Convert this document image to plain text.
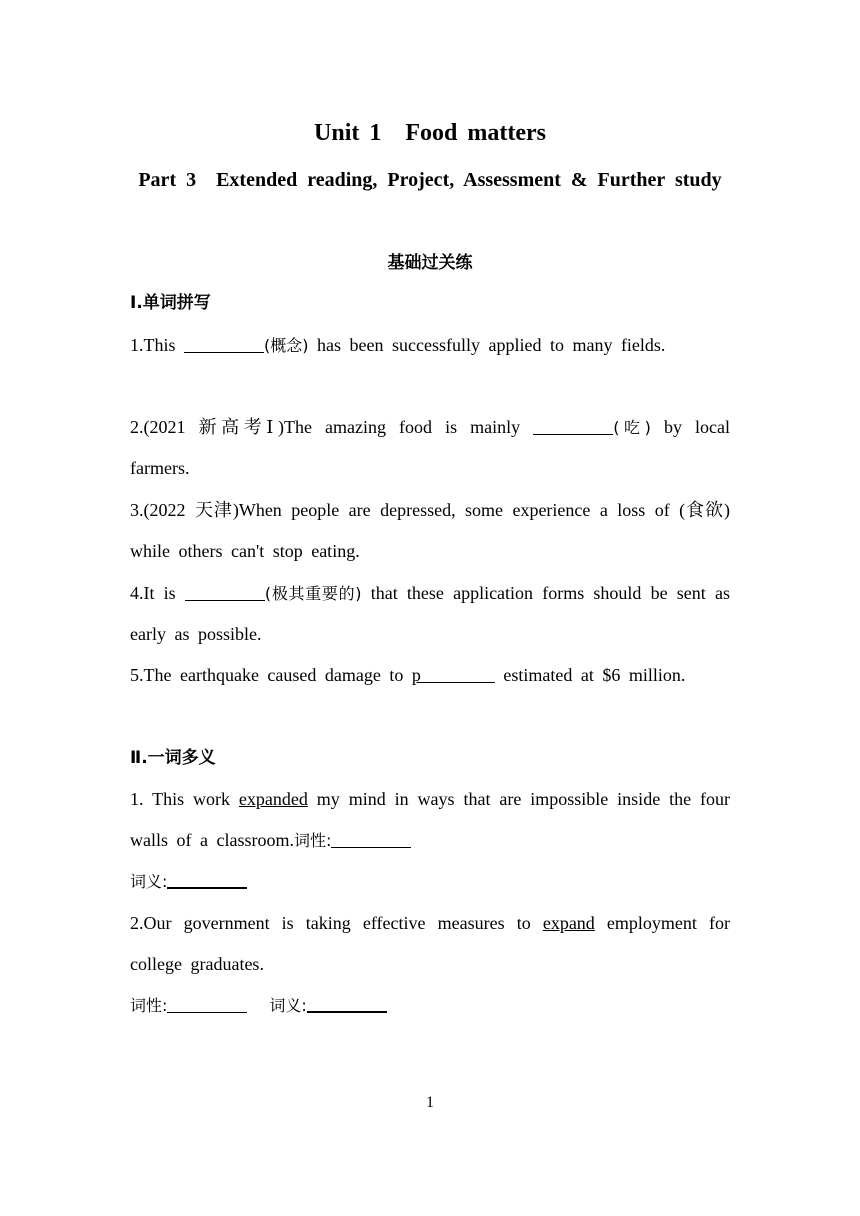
Unit 1　Food matters
Part 3　Extended reading, Project, Assessment & Further study
基础过关练
Ⅰ.单词拼写
1.This	(概念) has been successfully applied to many fields.
2.(2021 新高考Ⅰ)The amazing food is mainly	(吃) by local farmers.
3.(2022 天津)When people are depressed, some experience a loss of (食欲) while others can't stop eating.
4.It is	(极其重要的) that these application forms should be sent as early as possible.
5.The earthquake caused damage to p	estimated at $6 million.
Ⅱ.一词多义
1. This work expanded my mind in ways that are impossible inside the four walls of a classroom.词性:
词义:
2.Our government is taking effective measures to expand employment for college graduates.
词性:	词义:
1
